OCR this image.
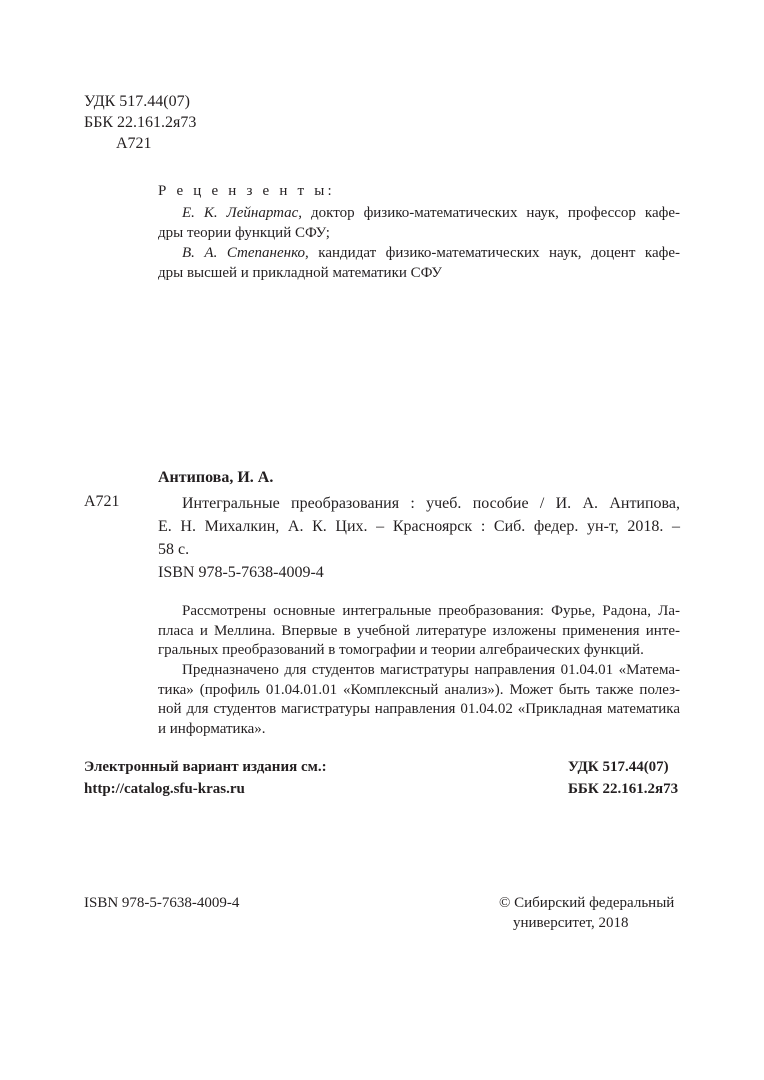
УДК 517.44(07)
ББК 22.161.2я73
А721
Р е ц е н з е н т ы:
Е. К. Лейнартас, доктор физико-математических наук, профессор кафе-
дры теории функций СФУ;
В. А. Степаненко, кандидат физико-математических наук, доцент кафе-
дры высшей и прикладной математики СФУ
Антипова, И. А.
А721	Интегральные преобразования : учеб. пособие / И. А. Антипова,
Е. Н. Михалкин, А. К. Цих. – Красноярск : Сиб. федер. ун-т, 2018. –
58 с.
ISBN 978-5-7638-4009-4
Рассмотрены основные интегральные преобразования: Фурье, Радона, Ла-
пласа и Меллина. Впервые в учебной литературе изложены применения инте-
гральных преобразований в томографии и теории алгебраических функций.
Предназначено для студентов магистратуры направления 01.04.01 «Матема-
тика» (профиль 01.04.01.01 «Комплексный анализ»). Может быть также полез-
ной для студентов магистратуры направления 01.04.02 «Прикладная математика
и информатика».
Электронный вариант издания см.:
http://catalog.sfu-kras.ru
УДК 517.44(07)
ББК 22.161.2я73
ISBN 978-5-7638-4009-4	© Сибирский федеральный
университет, 2018
